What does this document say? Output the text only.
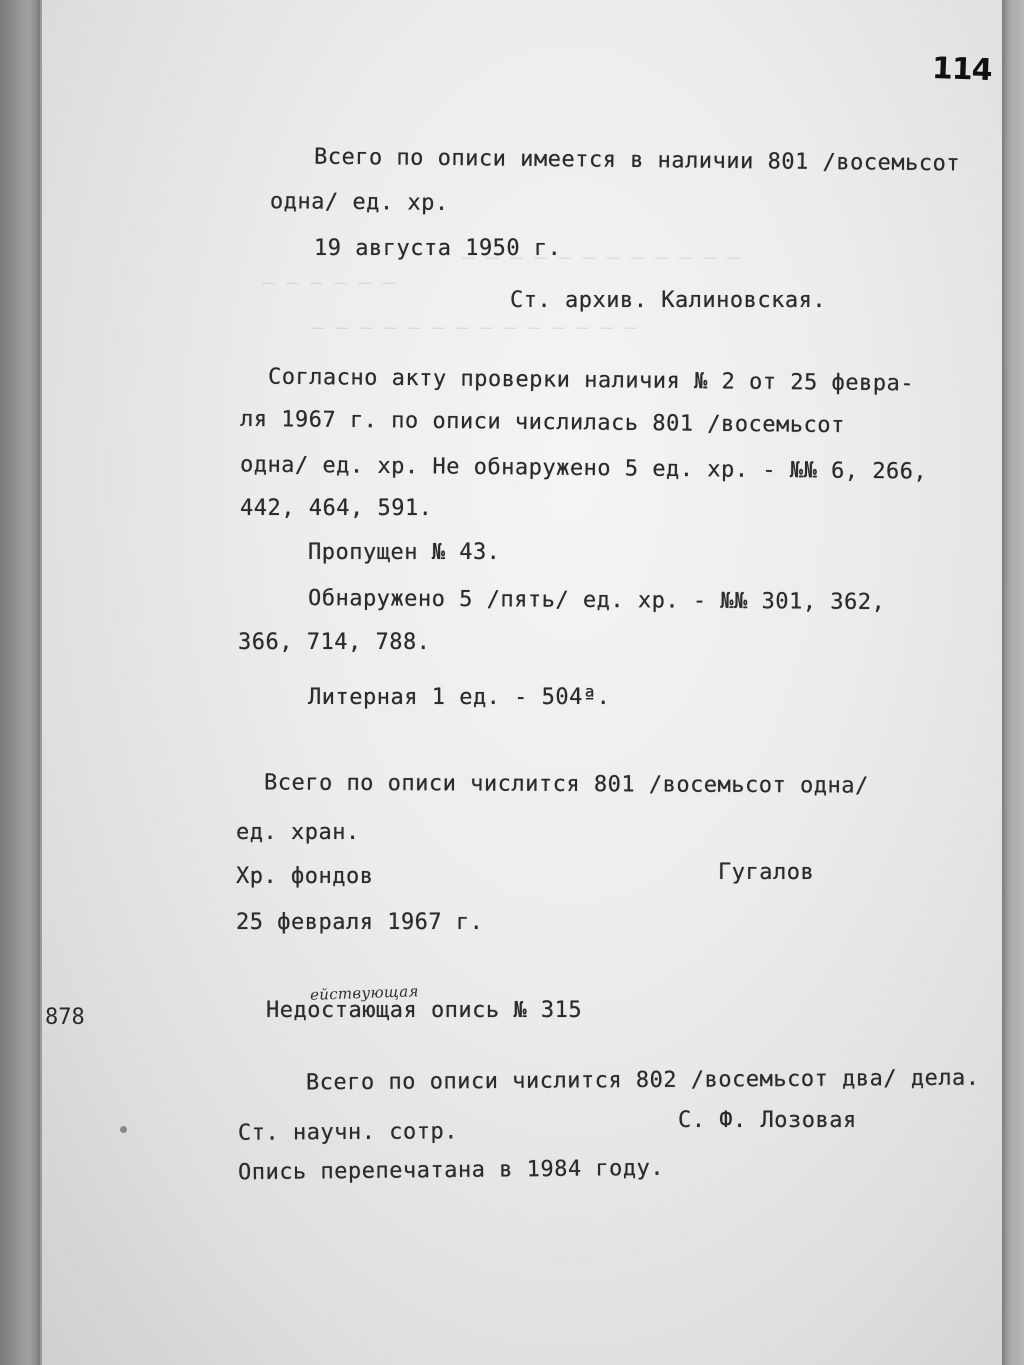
— — — — — — — — — — — —
— — — — — —
— — — — — — — — — — — — — —
114
Всего по описи имеется в наличии 801 /восемьсот
одна/ ед. хр.
19 августа 1950 г.
Ст. архив. Калиновская.
Согласно акту проверки наличия № 2 от 25 февра-
ля 1967 г. по описи числилась 801 /восемьсот
одна/ ед. хр. Не обнаружено 5 ед. хр. - №№ 6, 266,
442, 464, 591.
Пропущен № 43.
Обнаружено 5 /пять/ ед. хр. - №№ 301, 362,
366, 714, 788.
Литерная 1 ед. - 504ª.
Всего по описи числится 801 /восемьсот одна/
ед. хран.
Хр. фондов	Гугалов
25 февраля 1967 г.
878
ействующая
Недостающая опись № 315
Всего по описи числится 802 /восемьсот два/ дела.
Ст. научн. сотр.	С. Ф. Лозовая
Опись перепечатана в 1984 году.
